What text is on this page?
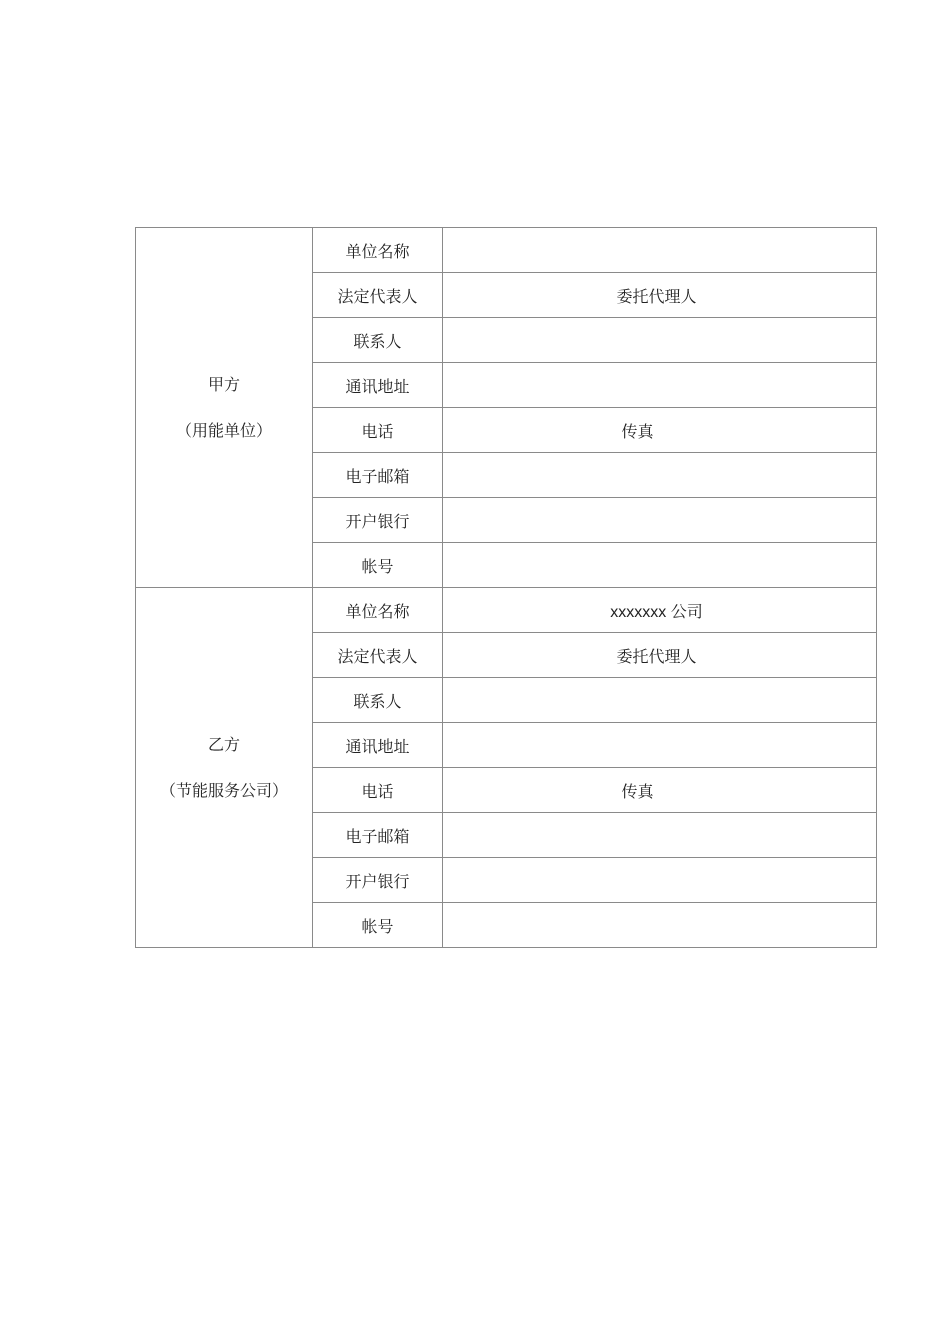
甲方
（用能单位）	单位名称	
	法定代表人	委托代理人
	联系人	
	通讯地址	
	电话	传真
	电子邮箱	
	开户银行	
	帐号	

乙方
（节能服务公司）	单位名称	xxxxxxx 公司
	法定代表人	委托代理人
	联系人	
	通讯地址	
	电话	传真
	电子邮箱	
	开户银行	
	帐号	
